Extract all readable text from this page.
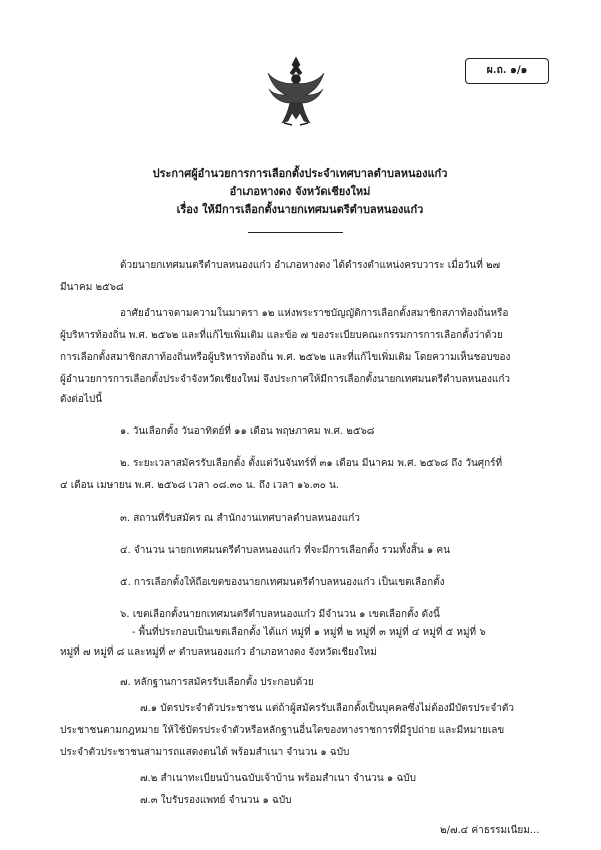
ผ.ถ. ๑/๑
ประกาศผู้อำนวยการการเลือกตั้งประจำเทศบาลตำบลหนองแก๋ว
อำเภอหางดง จังหวัดเชียงใหม่
เรื่อง ให้มีการเลือกตั้งนายกเทศมนตรีตำบลหนองแก๋ว
ด้วยนายกเทศมนตรีตำบลหนองแก๋ว อำเภอหางดง ได้ดำรงตำแหน่งครบวาระ เมื่อวันที่ ๒๗
มีนาคม ๒๕๖๘
อาศัยอำนาจตามความในมาตรา ๑๒ แห่งพระราชบัญญัติการเลือกตั้งสมาชิกสภาท้องถิ่นหรือ
ผู้บริหารท้องถิ่น พ.ศ. ๒๕๖๒ และที่แก้ไขเพิ่มเติม และข้อ ๗ ของระเบียบคณะกรรมการการเลือกตั้งว่าด้วย
การเลือกตั้งสมาชิกสภาท้องถิ่นหรือผู้บริหารท้องถิ่น พ.ศ. ๒๕๖๒ และที่แก้ไขเพิ่มเติม โดยความเห็นชอบของ
ผู้อำนวยการการเลือกตั้งประจำจังหวัดเชียงใหม่ จึงประกาศให้มีการเลือกตั้งนายกเทศมนตรีตำบลหนองแก๋ว
ดังต่อไปนี้
๑. วันเลือกตั้ง วันอาทิตย์ที่ ๑๑ เดือน พฤษภาคม พ.ศ. ๒๕๖๘
๒. ระยะเวลาสมัครรับเลือกตั้ง ตั้งแต่วันจันทร์ที่ ๓๑ เดือน มีนาคม พ.ศ. ๒๕๖๘ ถึง วันศุกร์ที่
๔ เดือน เมษายน พ.ศ. ๒๕๖๘ เวลา ๐๘.๓๐ น. ถึง เวลา ๑๖.๓๐ น.
๓. สถานที่รับสมัคร ณ สำนักงานเทศบาลตำบลหนองแก๋ว
๔. จำนวน นายกเทศมนตรีตำบลหนองแก๋ว ที่จะมีการเลือกตั้ง รวมทั้งสิ้น ๑ คน
๕. การเลือกตั้งให้ถือเขตของนายกเทศมนตรีตำบลหนองแก๋ว เป็นเขตเลือกตั้ง
๖. เขตเลือกตั้งนายกเทศมนตรีตำบลหนองแก๋ว มีจำนวน ๑ เขตเลือกตั้ง ดังนี้
- พื้นที่ประกอบเป็นเขตเลือกตั้ง ได้แก่ หมู่ที่ ๑ หมู่ที่ ๒ หมู่ที่ ๓ หมู่ที่ ๔ หมู่ที่ ๕ หมู่ที่ ๖
หมู่ที่ ๗ หมู่ที่ ๘ และหมู่ที่ ๙ ตำบลหนองแก๋ว อำเภอหางดง จังหวัดเชียงใหม่
๗. หลักฐานการสมัครรับเลือกตั้ง ประกอบด้วย
๗.๑ บัตรประจำตัวประชาชน แต่ถ้าผู้สมัครรับเลือกตั้งเป็นบุคคลซึ่งไม่ต้องมีบัตรประจำตัว
ประชาชนตามกฎหมาย ให้ใช้บัตรประจำตัวหรือหลักฐานอื่นใดของทางราชการที่มีรูปถ่าย และมีหมายเลข
ประจำตัวประชาชนสามารถแสดงตนได้ พร้อมสำเนา จำนวน ๑ ฉบับ
๗.๒ สำเนาทะเบียนบ้านฉบับเจ้าบ้าน พร้อมสำเนา จำนวน ๑ ฉบับ
๗.๓ ใบรับรองแพทย์ จำนวน ๑ ฉบับ
๒/๗.๔ ค่าธรรมเนียม...
